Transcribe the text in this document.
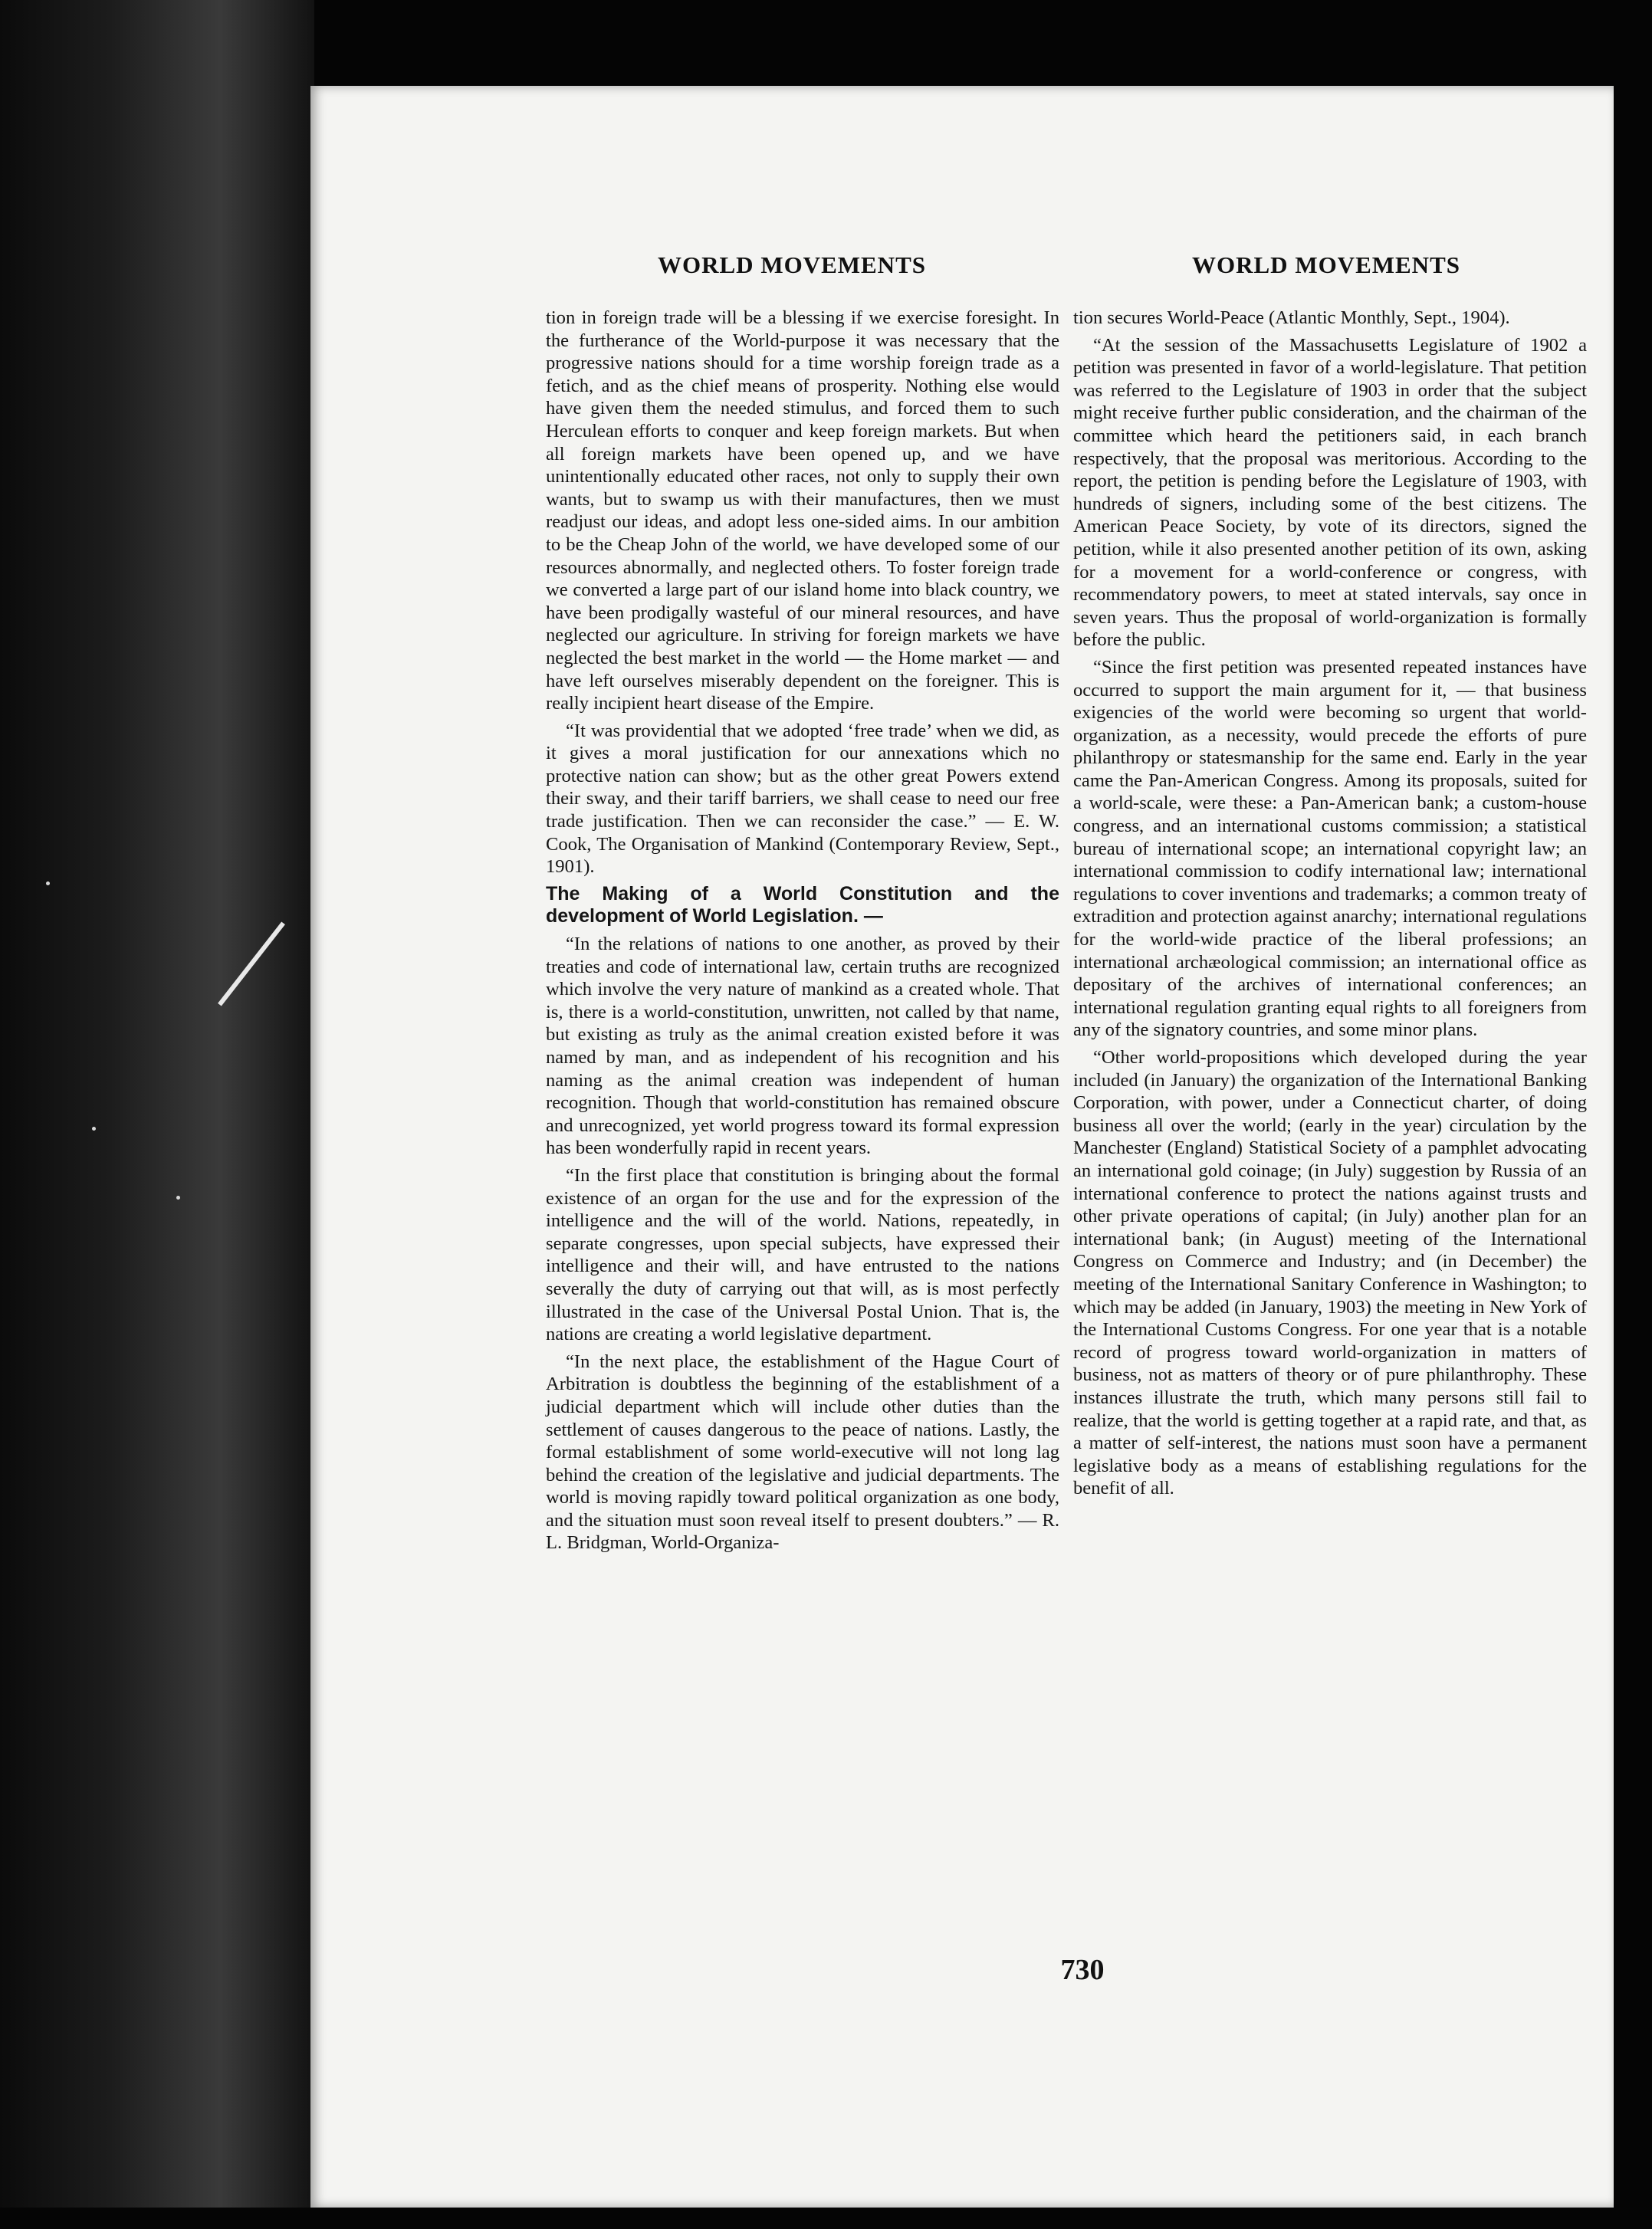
WORLD MOVEMENTS	WORLD MOVEMENTS

tion in foreign trade will be a blessing if we exercise foresight. In the furtherance of the World-purpose it was necessary that the progressive nations should for a time worship foreign trade as a fetich, and as the chief means of prosperity. Nothing else would have given them the needed stimulus, and forced them to such Herculean efforts to conquer and keep foreign markets. But when all foreign markets have been opened up, and we have unintentionally educated other races, not only to supply their own wants, but to swamp us with their manufactures, then we must readjust our ideas, and adopt less one-sided aims. In our ambition to be the Cheap John of the world, we have developed some of our resources abnormally, and neglected others. To foster foreign trade we converted a large part of our island home into black country, we have been prodigally wasteful of our mineral resources, and have neglected our agriculture. In striving for foreign markets we have neglected the best market in the world — the Home market — and have left ourselves miserably dependent on the foreigner. This is really incipient heart disease of the Empire.

“It was providential that we adopted ‘free trade’ when we did, as it gives a moral justification for our annexations which no protective nation can show; but as the other great Powers extend their sway, and their tariff barriers, we shall cease to need our free trade justification. Then we can reconsider the case.” — E. W. Cook, The Organisation of Mankind (Contemporary Review, Sept., 1901).

The Making of a World Constitution and the development of World Legislation. —

“In the relations of nations to one another, as proved by their treaties and code of international law, certain truths are recognized which involve the very nature of mankind as a created whole. That is, there is a world-constitution, unwritten, not called by that name, but existing as truly as the animal creation existed before it was named by man, and as independent of his recognition and his naming as the animal creation was independent of human recognition. Though that world-constitution has remained obscure and unrecognized, yet world progress toward its formal expression has been wonderfully rapid in recent years.

“In the first place that constitution is bringing about the formal existence of an organ for the use and for the expression of the intelligence and the will of the world. Nations, repeatedly, in separate congresses, upon special subjects, have expressed their intelligence and their will, and have entrusted to the nations severally the duty of carrying out that will, as is most perfectly illustrated in the case of the Universal Postal Union. That is, the nations are creating a world legislative department.

“In the next place, the establishment of the Hague Court of Arbitration is doubtless the beginning of the establishment of a judicial department which will include other duties than the settlement of causes dangerous to the peace of nations. Lastly, the formal establishment of some world-executive will not long lag behind the creation of the legislative and judicial departments. The world is moving rapidly toward political organization as one body, and the situation must soon reveal itself to present doubters.” — R. L. Bridgman, World-Organiza-

tion secures World-Peace (Atlantic Monthly, Sept., 1904).

“At the session of the Massachusetts Legislature of 1902 a petition was presented in favor of a world-legislature. That petition was referred to the Legislature of 1903 in order that the subject might receive further public consideration, and the chairman of the committee which heard the petitioners said, in each branch respectively, that the proposal was meritorious. According to the report, the petition is pending before the Legislature of 1903, with hundreds of signers, including some of the best citizens. The American Peace Society, by vote of its directors, signed the petition, while it also presented another petition of its own, asking for a movement for a world-conference or congress, with recommendatory powers, to meet at stated intervals, say once in seven years. Thus the proposal of world-organization is formally before the public.

“Since the first petition was presented repeated instances have occurred to support the main argument for it, — that business exigencies of the world were becoming so urgent that world-organization, as a necessity, would precede the efforts of pure philanthropy or statesmanship for the same end. Early in the year came the Pan-American Congress. Among its proposals, suited for a world-scale, were these: a Pan-American bank; a custom-house congress, and an international customs commission; a statistical bureau of international scope; an international copyright law; an international commission to codify international law; international regulations to cover inventions and trademarks; a common treaty of extradition and protection against anarchy; international regulations for the world-wide practice of the liberal professions; an international archæological commission; an international office as depositary of the archives of international conferences; an international regulation granting equal rights to all foreigners from any of the signatory countries, and some minor plans.

“Other world-propositions which developed during the year included (in January) the organization of the International Banking Corporation, with power, under a Connecticut charter, of doing business all over the world; (early in the year) circulation by the Manchester (England) Statistical Society of a pamphlet advocating an international gold coinage; (in July) suggestion by Russia of an international conference to protect the nations against trusts and other private operations of capital; (in July) another plan for an international bank; (in August) meeting of the International Congress on Commerce and Industry; and (in December) the meeting of the International Sanitary Conference in Washington; to which may be added (in January, 1903) the meeting in New York of the International Customs Congress. For one year that is a notable record of progress toward world-organization in matters of business, not as matters of theory or of pure philanthrophy. These instances illustrate the truth, which many persons still fail to realize, that the world is getting together at a rapid rate, and that, as a matter of self-interest, the nations must soon have a permanent legislative body as a means of establishing regulations for the benefit of all.

730
